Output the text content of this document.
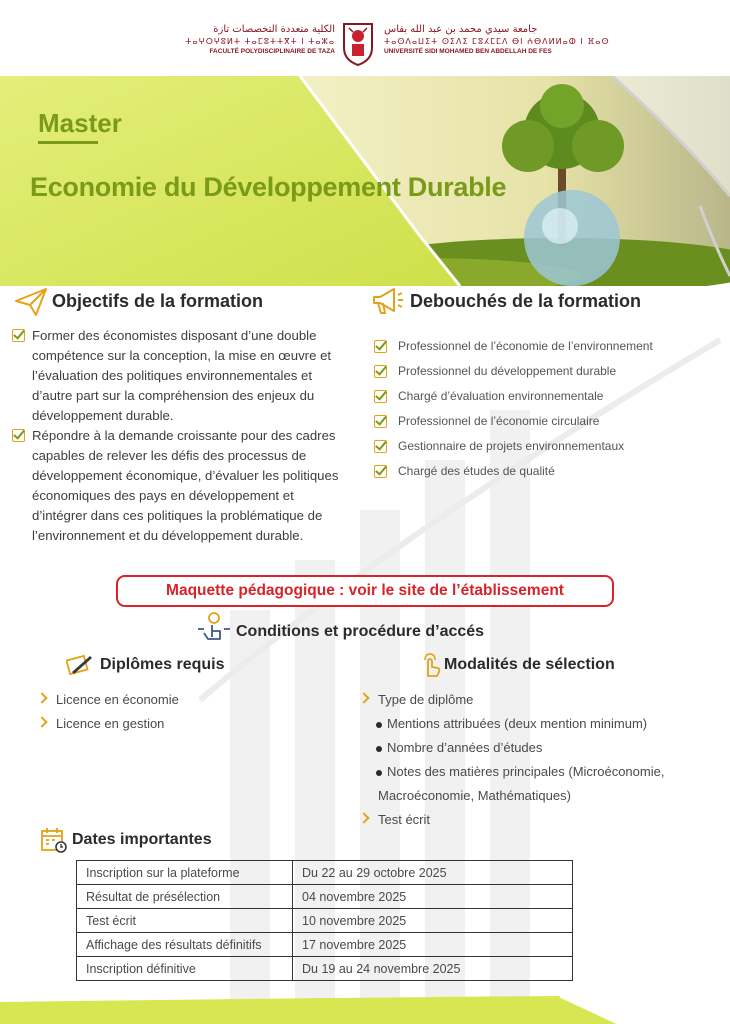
الكلية متعددة التخصصات تازة
ⵜⴰⵖⵔⵖⵓⵍⵜ ⵜⴰⵎⵓⵜⵜⴳⵜ ⵏ ⵜⴰⵣⴰ
FACULTÉ POLYDISCIPLINAIRE DE TAZA
جامعة سيدي محمد بن عبد الله بفاس
ⵜⴰⵙⴷⴰⵡⵉⵜ ⵙⵉⴷⵉ ⵎⵓⵃⵎⵎⴷ ⴱⵏ ⵄⴱⴷⵍⵍⴰⵀ ⵏ ⴼⴰⵙ
UNIVERSITÉ SIDI MOHAMED BEN ABDELLAH DE FES
Master
Economie du Développement Durable
Objectifs de la formation
Former des économistes disposant d’une double compétence sur la conception, la mise en œuvre et l’évaluation des politiques environnementales et d’autre part sur la compréhension des enjeux du développement durable.
Répondre à la demande croissante pour des cadres capables de relever les défis des processus de développement économique, d’évaluer les politiques économiques des pays en développement et d’intégrer dans ces politiques la problématique de l’environnement et du développement durable.
Debouchés de la formation
Professionnel de l’économie de l’environnement
Professionnel du développement durable
Chargé d’évaluation environnementale
Professionnel de l’économie circulaire
Gestionnaire de projets environnementaux
Chargé des études de qualité
Maquette pédagogique : voir le site de l’établissement
Conditions et procédure d’accés
Diplômes requis
Licence en économie
Licence en gestion
Modalités de sélection
Type de diplôme
Mentions attribuées (deux mention minimum)
Nombre d’années d’études
Notes des matières principales (Microéconomie,
Macroéconomie, Mathématiques)
Test écrit
Dates importantes
Inscription sur la plateforme	Du 22 au 29 octobre 2025
Résultat de présélection	04 novembre 2025
Test écrit	10 novembre 2025
Affichage des résultats définitifs	17 novembre 2025
Inscription définitive	Du 19 au 24 novembre 2025
